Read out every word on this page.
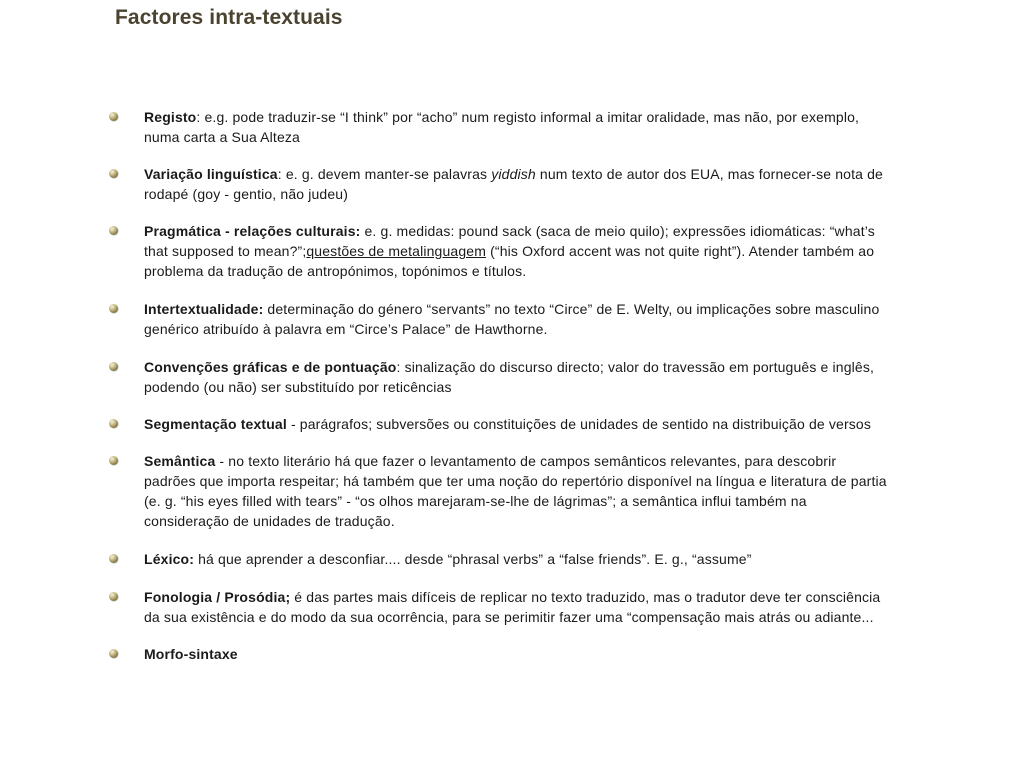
Factores intra-textuais
Registo: e.g. pode traduzir-se “I think” por “acho” num registo informal a imitar oralidade, mas não, por exemplo,
numa carta a Sua Alteza
Variação linguística: e. g. devem manter-se palavras yiddish num texto de autor dos EUA, mas fornecer-se nota de
rodapé (goy - gentio, não judeu)
Pragmática - relações culturais: e. g. medidas: pound sack (saca de meio quilo); expressões idiomáticas: “what’s
that supposed to mean?”;questões de metalinguagem (“his Oxford accent was not quite right”). Atender também ao
problema da tradução de antropónimos, topónimos e títulos.
Intertextualidade: determinação do género “servants” no texto “Circe” de E. Welty, ou implicações sobre masculino
genérico atribuído à palavra em “Circe’s Palace” de Hawthorne.
Convenções gráficas e de pontuação: sinalização do discurso directo; valor do travessão em português e inglês,
podendo (ou não) ser substituído por reticências
Segmentação textual - parágrafos; subversões ou constituições de unidades de sentido na distribuição de versos
Semântica - no texto literário há que fazer o levantamento de campos semânticos relevantes, para descobrir
padrões que importa respeitar; há também que ter uma noção do repertório disponível na língua e literatura de partia
(e. g. “his eyes filled with tears” - “os olhos marejaram-se-lhe de lágrimas”; a semântica influi também na
consideração de unidades de tradução.
Léxico: há que aprender a desconfiar.... desde “phrasal verbs” a “false friends”. E. g., “assume”
Fonologia / Prosódia; é das partes mais difíceis de replicar no texto traduzido, mas o tradutor deve ter consciência
da sua existência e do modo da sua ocorrência, para se perimitir fazer uma “compensação mais atrás ou adiante...
Morfo-sintaxe
